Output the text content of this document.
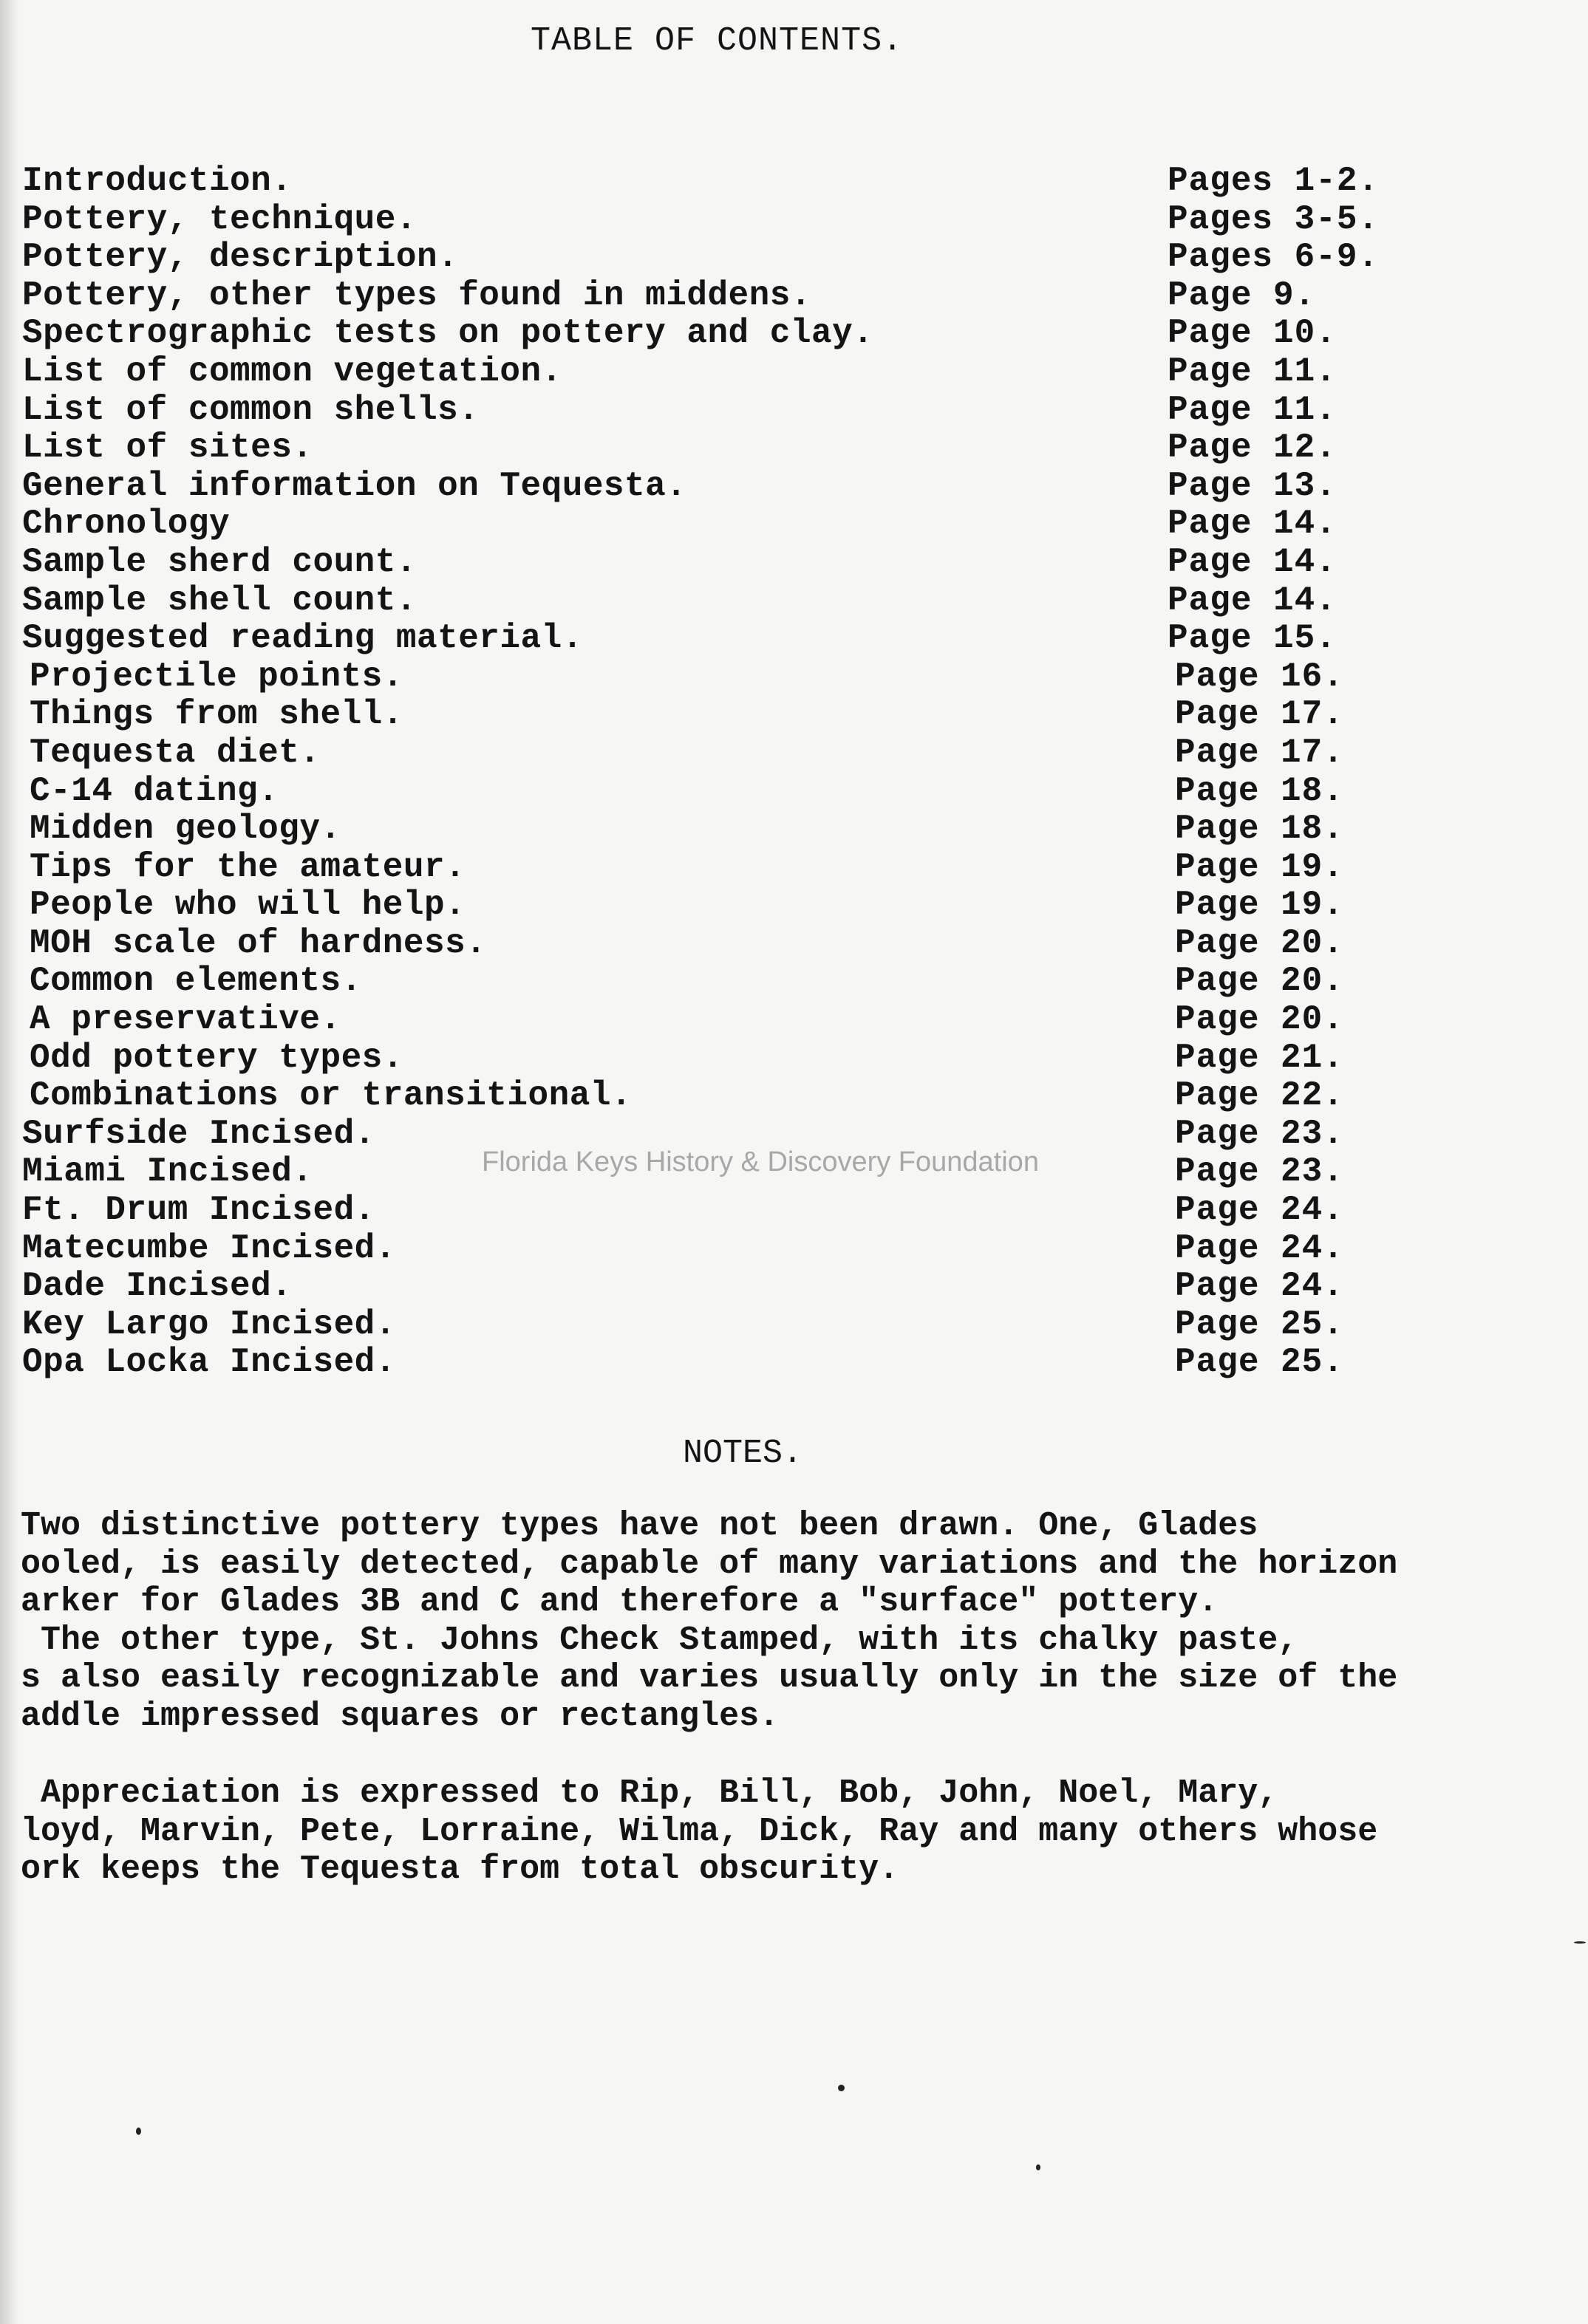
TABLE OF CONTENTS.
Introduction.	Pages 1-2.
Pottery, technique.	Pages 3-5.
Pottery, description.	Pages 6-9.
Pottery, other types found in middens.	Page 9.
Spectrographic tests on pottery and clay.	Page 10.
List of common vegetation.	Page 11.
List of common shells.	Page 11.
List of sites.	Page 12.
General information on Tequesta.	Page 13.
Chronology	Page 14.
Sample sherd count.	Page 14.
Sample shell count.	Page 14.
Suggested reading material.	Page 15.
Projectile points.	Page 16.
Things from shell.	Page 17.
Tequesta diet.	Page 17.
C-14 dating.	Page 18.
Midden geology.	Page 18.
Tips for the amateur.	Page 19.
People who will help.	Page 19.
MOH scale of hardness.	Page 20.
Common elements.	Page 20.
A preservative.	Page 20.
Odd pottery types.	Page 21.
Combinations or transitional.	Page 22.
Surfside Incised.	Page 23.
Miami Incised.	Page 23.
Ft. Drum Incised.	Page 24.
Matecumbe Incised.	Page 24.
Dade Incised.	Page 24.
Key Largo Incised.	Page 25.
Opa Locka Incised.	Page 25.
Florida Keys History & Discovery Foundation
NOTES.

Two distinctive pottery types have not been drawn. One, Glades
ooled, is easily detected, capable of many variations and the horizon
arker for Glades 3B and C and therefore a "surface" pottery.
The other type, St. Johns Check Stamped, with its chalky paste,
s also easily recognizable and varies usually only in the size of the
addle impressed squares or rectangles.

Appreciation is expressed to Rip, Bill, Bob, John, Noel, Mary,
loyd, Marvin, Pete, Lorraine, Wilma, Dick, Ray and many others whose
ork keeps the Tequesta from total obscurity.
